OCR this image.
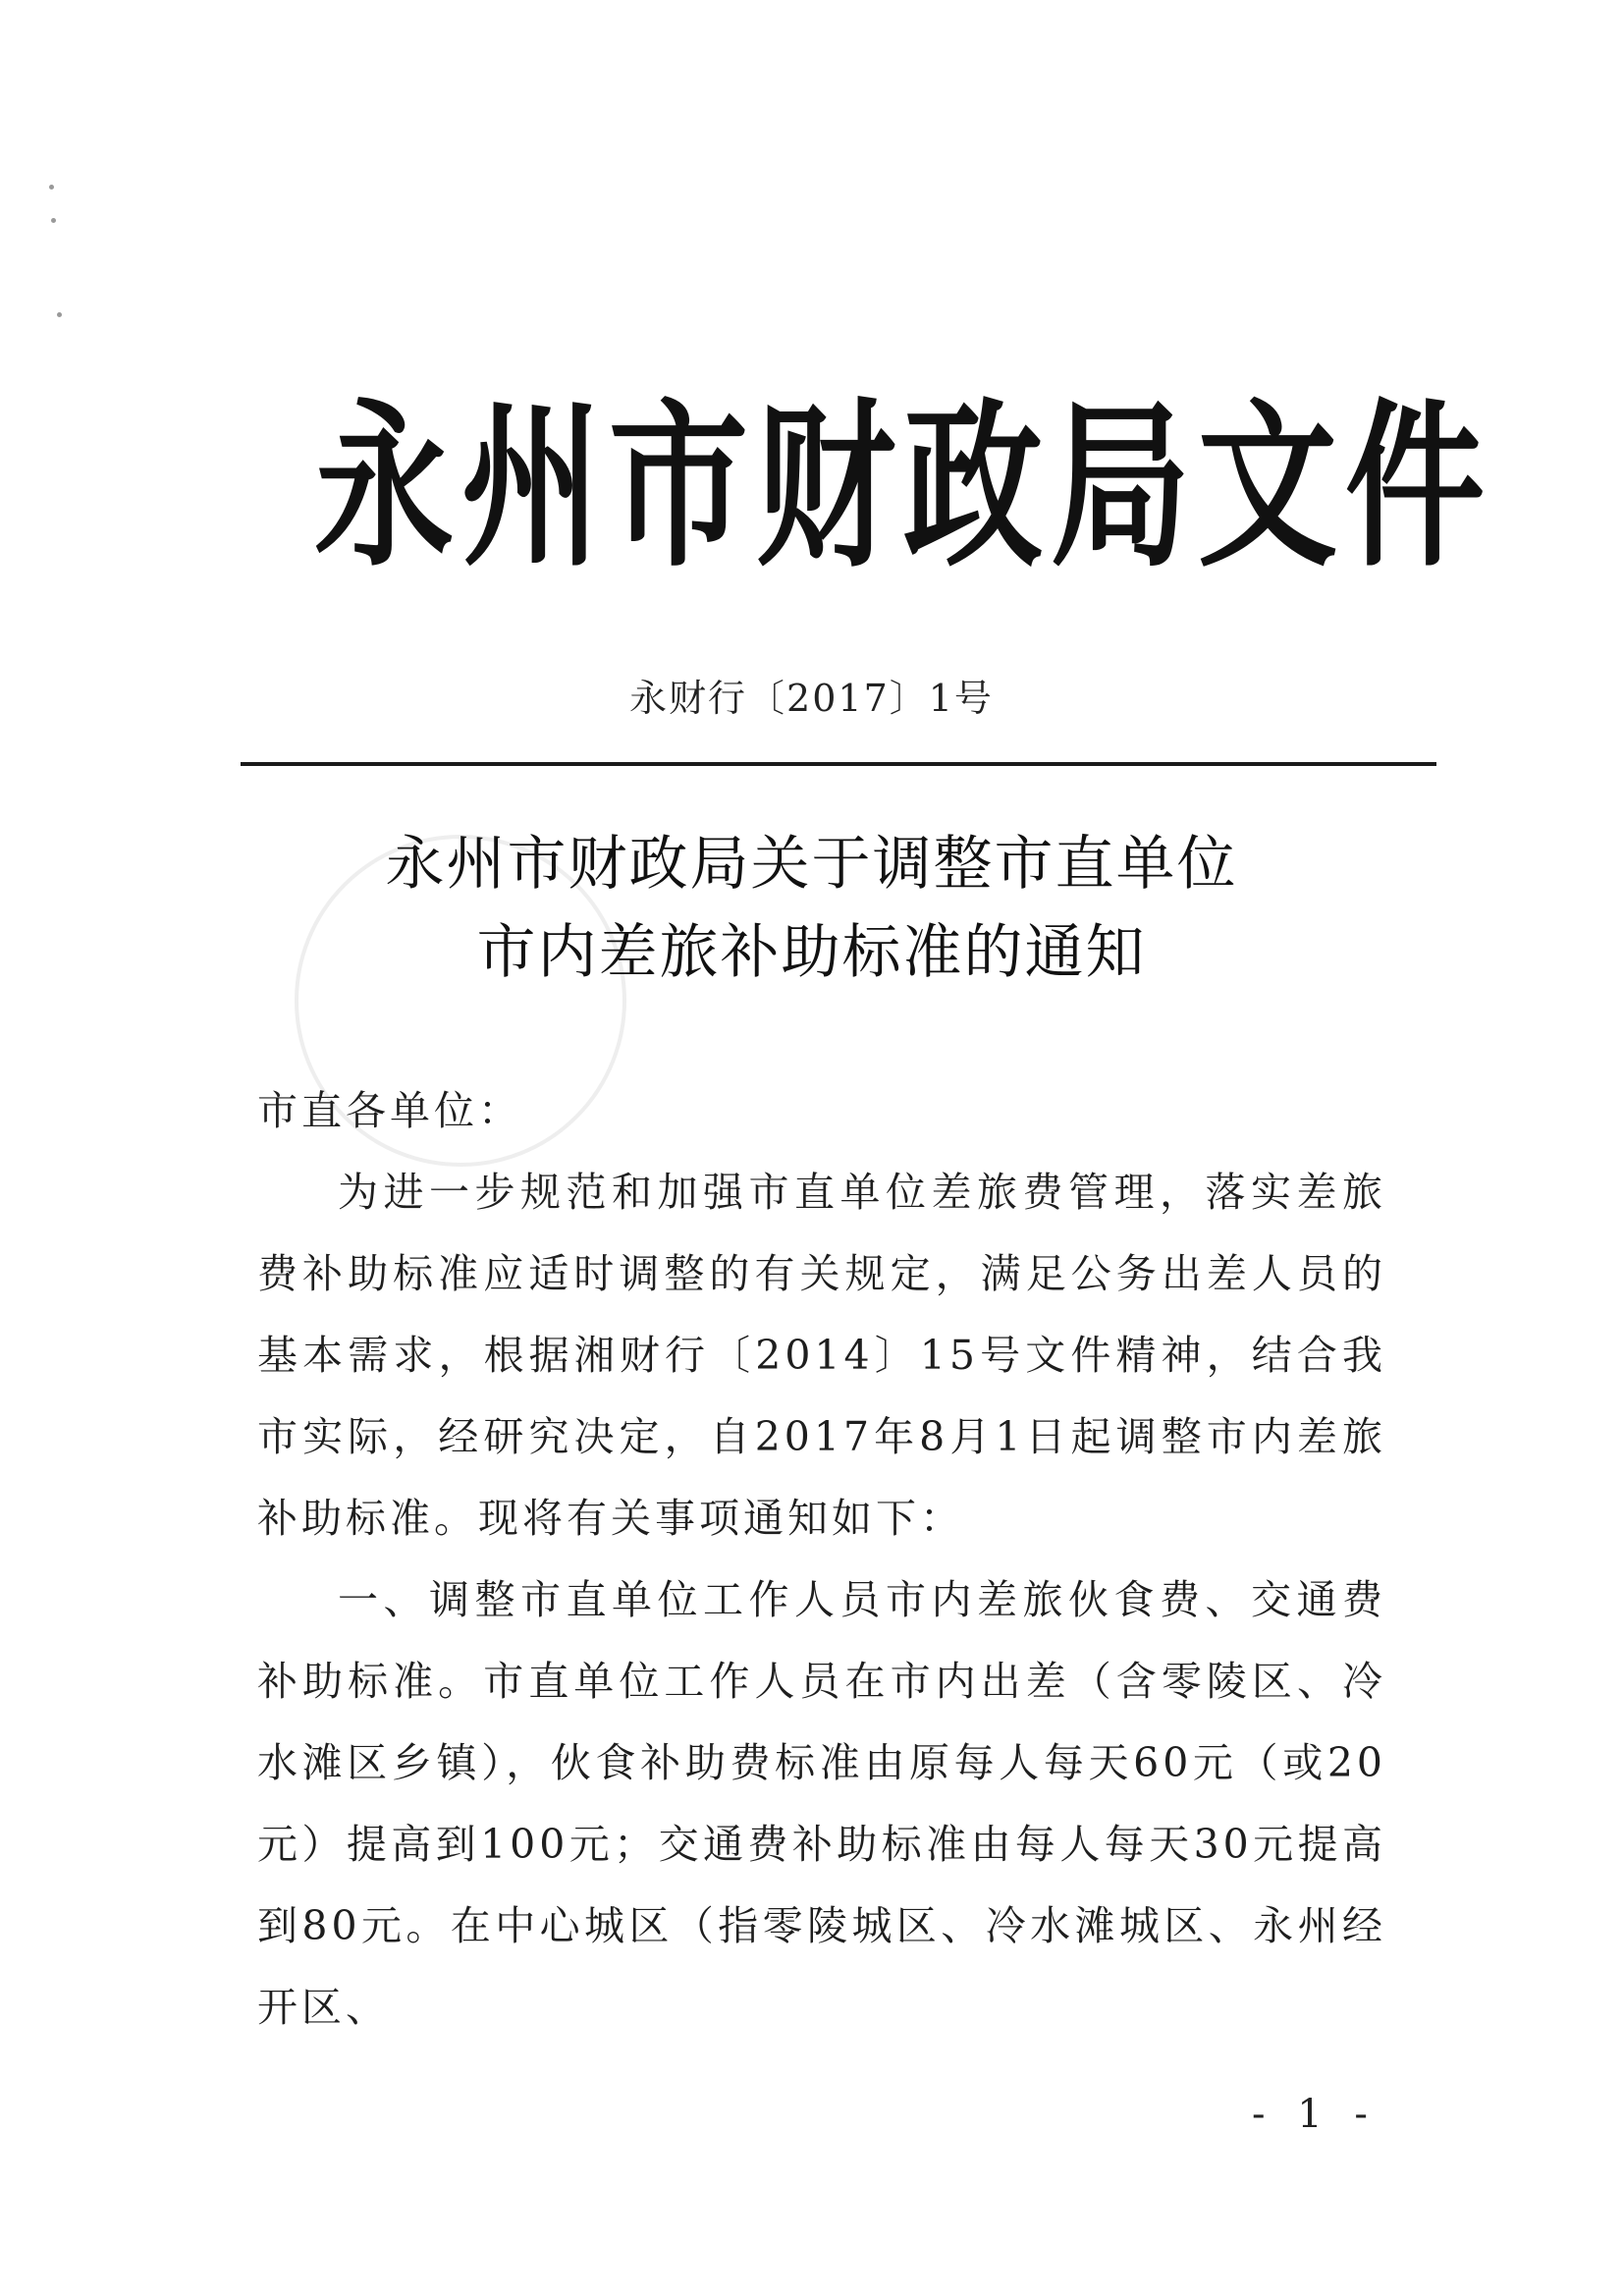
永州市财政局文件
永财行〔2017〕1号
永州市财政局关于调整市直单位
市内差旅补助标准的通知

市直各单位：

为进一步规范和加强市直单位差旅费管理，落实差旅费补助标准应适时调整的有关规定，满足公务出差人员的基本需求，根据湘财行〔2014〕15号文件精神，结合我市实际，经研究决定，自2017年8月1日起调整市内差旅补助标准。现将有关事项通知如下：

一、调整市直单位工作人员市内差旅伙食费、交通费补助标准。市直单位工作人员在市内出差（含零陵区、冷水滩区乡镇），伙食补助费标准由原每人每天60元（或20元）提高到100元；交通费补助标准由每人每天30元提高到80元。在中心城区（指零陵城区、冷水滩城区、永州经开区、

- 1 -
